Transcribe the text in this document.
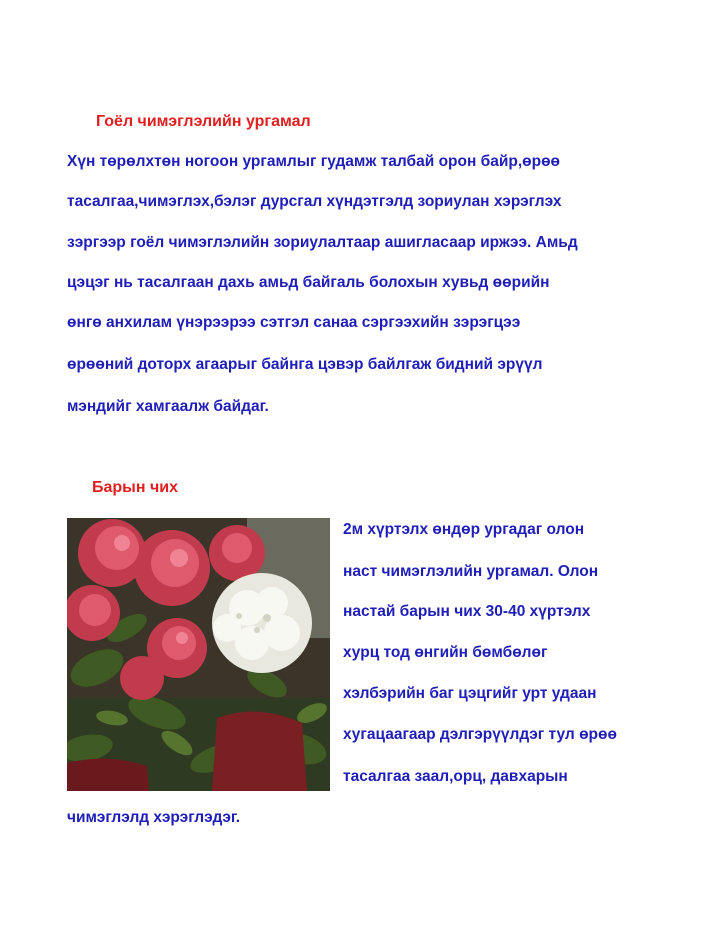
Гоёл чимэглэлийн ургамал
Хүн төрөлхтөн ногоон ургамлыг гудамж талбай орон байр,өрөө
тасалгаа,чимэглэх,бэлэг дурсгал хүндэтгэлд зориулан хэрэглэх
зэргээр гоёл чимэглэлийн зориулалтаар ашигласаар иржээ. Амьд
цэцэг нь тасалгаан дахь амьд байгаль болохын хувьд өөрийн
өнгө анхилам үнэрээрээ сэтгэл санаа сэргээхийн зэрэгцээ
өрөөний доторх агаарыг байнга цэвэр байлгаж бидний эрүүл
мэндийг хамгаалж байдаг.
Барын чих
2м хүртэлх өндөр ургадаг олон
наст чимэглэлийн ургамал. Олон
настай барын чих 30-40 хүртэлх
хурц тод өнгийн бөмбөлөг
хэлбэрийн баг цэцгийг урт удаан
хугацаагаар дэлгэрүүлдэг тул өрөө
тасалгаа заал,орц, давхарын
чимэглэлд хэрэглэдэг.
